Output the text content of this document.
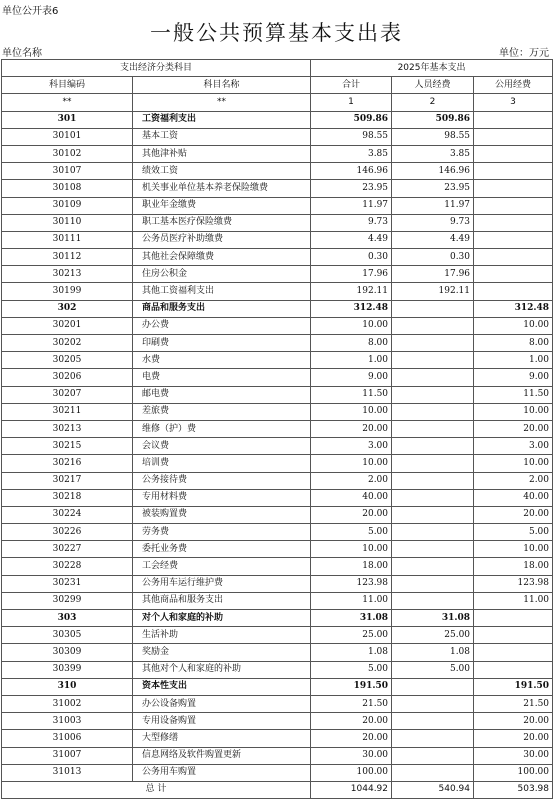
单位公开表6
一般公共预算基本支出表
单位名称	单位：万元
支出经济分类科目		2025年基本支出		
科目编码	科目名称	合计	人员经费	公用经费
**	**	1	2	3
301	工资福利支出	509.86	509.86	
30101	基本工资	98.55	98.55	
30102	其他津补贴	3.85	3.85	
30107	绩效工资	146.96	146.96	
30108	机关事业单位基本养老保险缴费	23.95	23.95	
30109	职业年金缴费	11.97	11.97	
30110	职工基本医疗保险缴费	9.73	9.73	
30111	公务员医疗补助缴费	4.49	4.49	
30112	其他社会保障缴费	0.30	0.30	
30213	住房公积金	17.96	17.96	
30199	其他工资福利支出	192.11	192.11	
302	商品和服务支出	312.48		312.48
30201	办公费	10.00		10.00
30202	印刷费	8.00		8.00
30205	水费	1.00		1.00
30206	电费	9.00		9.00
30207	邮电费	11.50		11.50
30211	差旅费	10.00		10.00
30213	维修（护）费	20.00		20.00
30215	会议费	3.00		3.00
30216	培训费	10.00		10.00
30217	公务接待费	2.00		2.00
30218	专用材料费	40.00		40.00
30224	被装购置费	20.00		20.00
30226	劳务费	5.00		5.00
30227	委托业务费	10.00		10.00
30228	工会经费	18.00		18.00
30231	公务用车运行维护费	123.98		123.98
30299	其他商品和服务支出	11.00		11.00
303	对个人和家庭的补助	31.08	31.08	
30305	生活补助	25.00	25.00	
30309	奖励金	1.08	1.08	
30399	其他对个人和家庭的补助	5.00	5.00	
310	资本性支出	191.50		191.50
31002	办公设备购置	21.50		21.50
31003	专用设备购置	20.00		20.00
31006	大型修缮	20.00		20.00
31007	信息网络及软件购置更新	30.00		30.00
31013	公务用车购置	100.00		100.00
总 计		1044.92	540.94	503.98
